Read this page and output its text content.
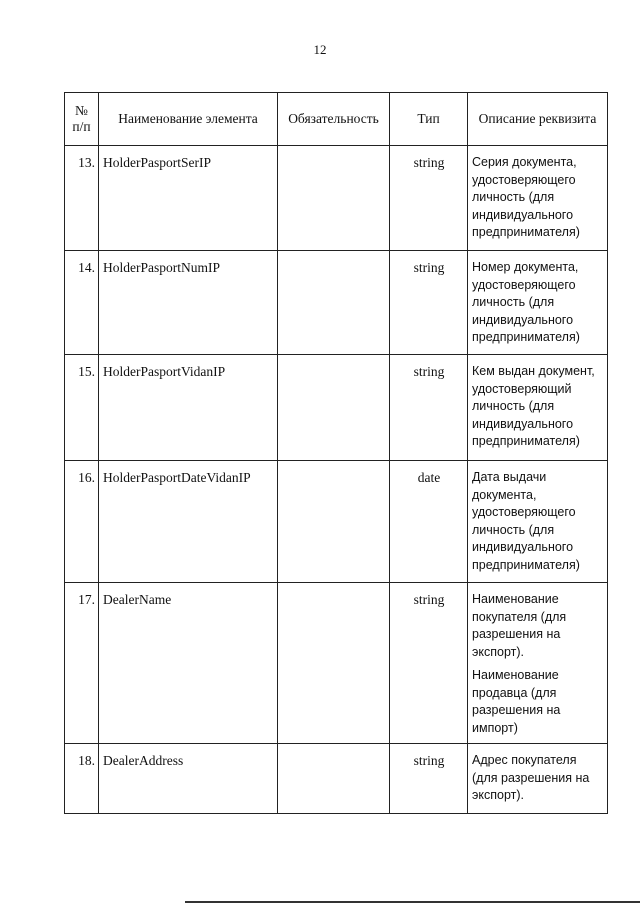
12
№ п/п	Наименование элемента	Обязательность	Тип	Описание реквизита
13.	HolderPasportSerIP		string	Серия документа, удостоверяющего личность (для индивидуального предпринимателя)

14.	HolderPasportNumIP		string	Номер документа, удостоверяющего личность (для индивидуального предпринимателя)

15.	HolderPasportVidanIP		string	Кем выдан документ, удостоверяющий личность (для индивидуального предпринимателя)

16.	HolderPasportDateVidanIP		date	Дата выдачи документа, удостоверяющего личность (для индивидуального предпринимателя)

17.	DealerName		string	Наименование покупателя (для разрешения на экспорт).
Наименование продавца (для разрешения на импорт)

18.	DealerAddress		string	Адрес покупателя (для разрешения на экспорт).
